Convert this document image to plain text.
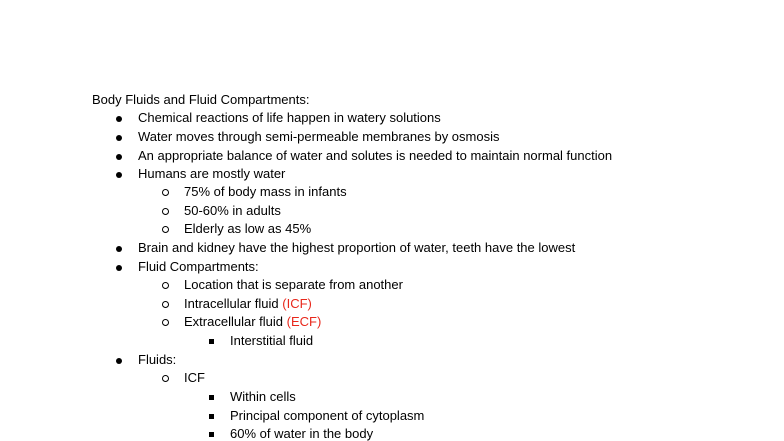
Body Fluids and Fluid Compartments:
Chemical reactions of life happen in watery solutions
Water moves through semi-permeable membranes by osmosis
An appropriate balance of water and solutes is needed to maintain normal function
Humans are mostly water
75% of body mass in infants
50-60% in adults
Elderly as low as 45%
Brain and kidney have the highest proportion of water, teeth have the lowest
Fluid Compartments:
Location that is separate from another
Intracellular fluid (ICF)
Extracellular fluid (ECF)
Interstitial fluid
Fluids:
ICF
Within cells
Principal component of cytoplasm
60% of water in the body
